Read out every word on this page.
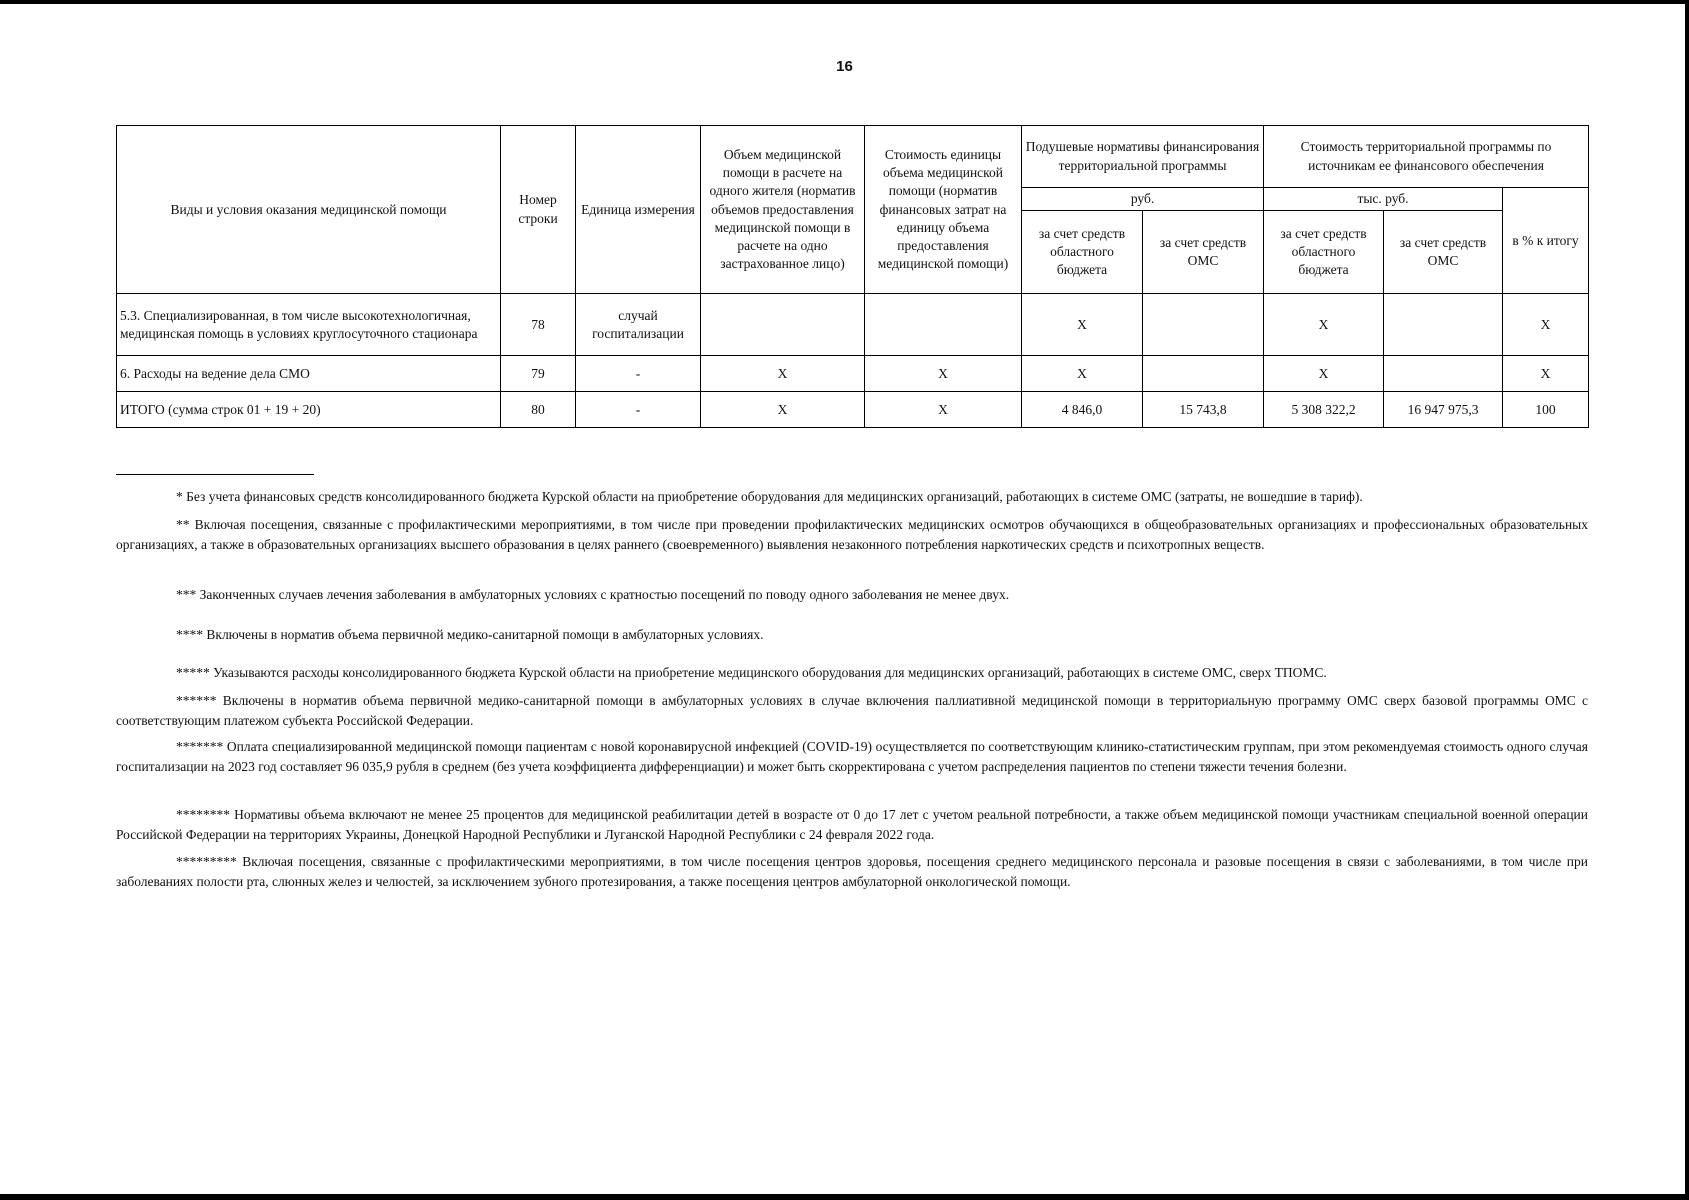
16
Виды и условия оказания медицинской помощи	Номер строки	Единица измерения	Объем медицинской помощи в расчете на одного жителя (норматив объемов предоставления медицинской помощи в расчете на одно застрахованное лицо)	Стоимость единицы объема медицинской помощи (норматив финансовых затрат на единицу объема предоставления медицинской помощи)	Подушевые нормативы финансирования территориальной программы		Стоимость территориальной программы по источникам ее финансового обеспечения		
					руб.		тыс. руб.		в % к итогу
					за счет средств областного бюджета	за счет средств ОМС	за счет средств областного бюджета	за счет средств ОМС	
5.3. Специализированная, в том числе высокотехнологичная, медицинская помощь в условиях круглосуточного стационара	78	случай госпитализации			X		X		X
6. Расходы на ведение дела СМО	79	-	X	X	X		X		X
ИТОГО (сумма строк 01 + 19 + 20)	80	-	X	X	4 846,0	15 743,8	5 308 322,2	16 947 975,3	100

* Без учета финансовых средств консолидированного бюджета Курской области на приобретение оборудования для медицинских организаций, работающих в системе ОМС (затраты, не вошедшие в тариф).

** Включая посещения, связанные с профилактическими мероприятиями, в том числе при проведении профилактических медицинских осмотров обучающихся в общеобразовательных организациях и профессиональных образовательных организациях, а также в образовательных организациях высшего образования в целях раннего (своевременного) выявления незаконного потребления наркотических средств и психотропных веществ.

*** Законченных случаев лечения заболевания в амбулаторных условиях с кратностью посещений по поводу одного заболевания не менее двух.

**** Включены в норматив объема первичной медико-санитарной помощи в амбулаторных условиях.

***** Указываются расходы консолидированного бюджета Курской области на приобретение медицинского оборудования для медицинских организаций, работающих в системе ОМС, сверх ТПОМС.

****** Включены в норматив объема первичной медико-санитарной помощи в амбулаторных условиях в случае включения паллиативной медицинской помощи в территориальную программу ОМС сверх базовой программы ОМС с соответствующим платежом субъекта Российской Федерации.

******* Оплата специализированной медицинской помощи пациентам с новой коронавирусной инфекцией (COVID-19) осуществляется по соответствующим клинико-статистическим группам, при этом рекомендуемая стоимость одного случая госпитализации на 2023 год составляет 96 035,9 рубля в среднем (без учета коэффициента дифференциации) и может быть скорректирована с учетом распределения пациентов по степени тяжести течения болезни.

******** Нормативы объема включают не менее 25 процентов для медицинской реабилитации детей в возрасте от 0 до 17 лет с учетом реальной потребности, а также объем медицинской помощи участникам специальной военной операции Российской Федерации на территориях Украины, Донецкой Народной Республики и Луганской Народной Республики с 24 февраля 2022 года.

********* Включая посещения, связанные с профилактическими мероприятиями, в том числе посещения центров здоровья, посещения среднего медицинского персонала и разовые посещения в связи с заболеваниями, в том числе при заболеваниях полости рта, слюнных желез и челюстей, за исключением зубного протезирования, а также посещения центров амбулаторной онкологической помощи.
